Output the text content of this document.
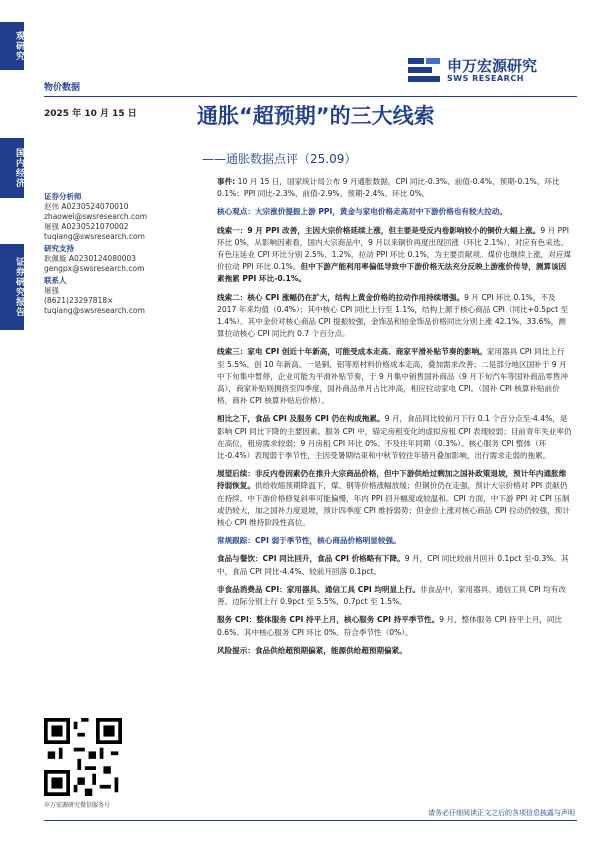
观研究
国内经济
证券研究报告
申万宏源研究
SWS RESEARCH
物价数据
2025 年 10 月 15 日	通胀“超预期”的三大线索
——通胀数据点评（25.09）
证券分析师
赵伟 A0230524070010
zhaowei@swsresearch.com
屠强 A0230521070002
tuqiang@swsresearch.com
研究支持
耿佩璇 A0230124080003
gengpx@swsresearch.com
联系人
屠强
(8621)23297818×
tuqiang@swsresearch.com
申万宏源研究微信服务号

事件: 10 月 15 日，国家统计局公布 9 月通胀数据，CPI 同比-0.3%、前值-0.4%、预期-0.1%、环比 0.1%；PPI 同比-2.3%、前值-2.9%、预期-2.4%、环比 0%。

核心观点：大宗涨价提振上游 PPI，黄金与家电价格走高对中下游价格也有较大拉动。

线索一：9 月 PPI 改善，主因大宗价格延续上涨，但主要是受反内卷影响较小的铜价大幅上涨。9 月 PPI 环比 0%，从影响因素看，国内大宗商品中，9 月以来铜价再度出现回涨（环比 2.1%），对应有色采选、有色压延业 CPI 环比分别 2.5%、1.2%，拉动 PPI 环比 0.1%，为主要贡献项。煤价也继续上涨，对应煤价拉动 PPI 环比 0.1%。但中下游产能利用率偏低导致中下游价格无法充分反映上游涨价传导，测算该因素拖累 PPI 环比-0.1%。

线索二：核心 CPI 涨幅仍在扩大，结构上黄金价格的拉动作用持续增强。9 月 CPI 环比 0.1%，不及 2017 年来均值（0.4%）；其中核心 CPI 同比上行至 1.1%，结构上源于核心商品 CPI（同比+0.5pct 至 1.4%）。其中金价对核心商品 CPI 提振较强，金饰品和铂金饰品价格同比分别上涨 42.1%、33.6%，测算拉动核心 CPI 同比约 0.7 个百分点。

线索三：家电 CPI 创近十年新高，可能受成本走高、商家平滑补贴节奏的影响。家用器具 CPI 同比上行至 5.5%、创 10 年新高。一是铜、铝等原材料价格成本走高，叠加需求改善；二是部分地区国补于 9 月中下旬集中暂停，企业可能为平滑补贴节奏，于 9 月集中销售国补商品（9 月下旬汽车等国补商品零售冲高），商家补贴则拥挤至四季度，国补商品单月占比冲高，相应拉动家电 CPI。（国补 CPI 核算补贴前价格，商补 CPI 核算补贴后价格）。

相比之下，食品 CPI 及服务 CPI 仍在构成拖累。9 月，食品同比较前月下行 0.1 个百分点至-4.4%，是影响 CPI 同比下降的主要因素。服务 CPI 中，锚定房租变化的虚拟房租 CPI 表现较弱；目前青年失业率仍在高位，租房需求较弱；9 月房租 CPI 环比 0%、不及往年同期（0.3%）。核心服务 CPI 整体（环比-0.4%）表现弱于季节性，主因受暑期结束和中秋节较往年错月叠加影响，出行需求走弱的拖累。

展望后续：非反内卷因素仍在推升大宗商品价格，但中下游供给过剩加之国补政策退坡，预计年内通胀维持弱恢复。供给收缩预期降温下，煤、钢等价格涨幅放缓；但铜价仍在走强，预计大宗价格对 PPI 贡献仍在持续。中下游价格修复斜率可能偏慢，年内 PPI 回升幅度或较温和。CPI 方面，中下游 PPI 对 CPI 压制或仍较大，加之国补力度退坡，预计四季度 CPI 维持弱势；但金价上涨对核心商品 CPI 拉动仍较强，预计核心 CPI 维持阶段性高位。

常规跟踪：CPI 弱于季节性，核心商品价格明显较强。

食品与餐饮：CPI 同比回升，食品 CPI 价格略有下降。9 月，CPI 同比较前月回升 0.1pct 至-0.3%。其中，食品 CPI 同比-4.4%、较前月回落 0.1pct。

非食品消费品 CPI：家用器具、通信工具 CPI 均明显上行。非食品中，家用器具、通信工具 CPI 均有改善、边际分别上行 0.9pct 至 5.5%、0.7pct 至 1.5%。

服务 CPI：整体服务 CPI 持平上月，核心服务 CPI 持平季节性。9 月，整体服务 CPI 持平上月，同比 0.6%。其中核心服务 CPI 环比 0%、符合季节性（0%）。

风险提示：食品供给超预期偏紧，能源供给超预期偏紧。

请务必仔细阅读正文之后的各项信息披露与声明
